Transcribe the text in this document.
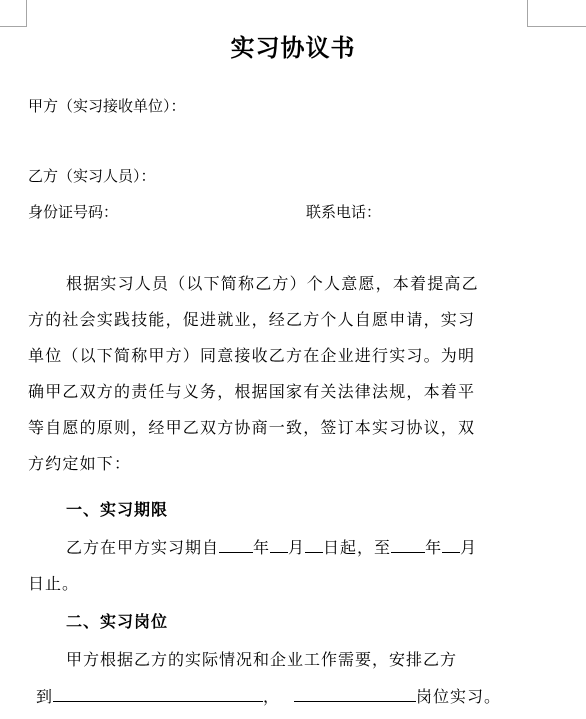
实习协议书
甲方（实习接收单位）：
乙方（实习人员）：
身份证号码：	联系电话：
根据实习人员（以下简称乙方）个人意愿，本着提高乙
方的社会实践技能，促进就业，经乙方个人自愿申请，实习
单位（以下简称甲方）同意接收乙方在企业进行实习。为明
确甲乙双方的责任与义务，根据国家有关法律法规，本着平
等自愿的原则，经甲乙双方协商一致，签订本实习协议，双
方约定如下：
一、实习期限
乙方在甲方实习期自 年 月 日起，至 年 月
日止。
二、实习岗位
甲方根据乙方的实际情况和企业工作需要，安排乙方
到	，	岗位实习。
